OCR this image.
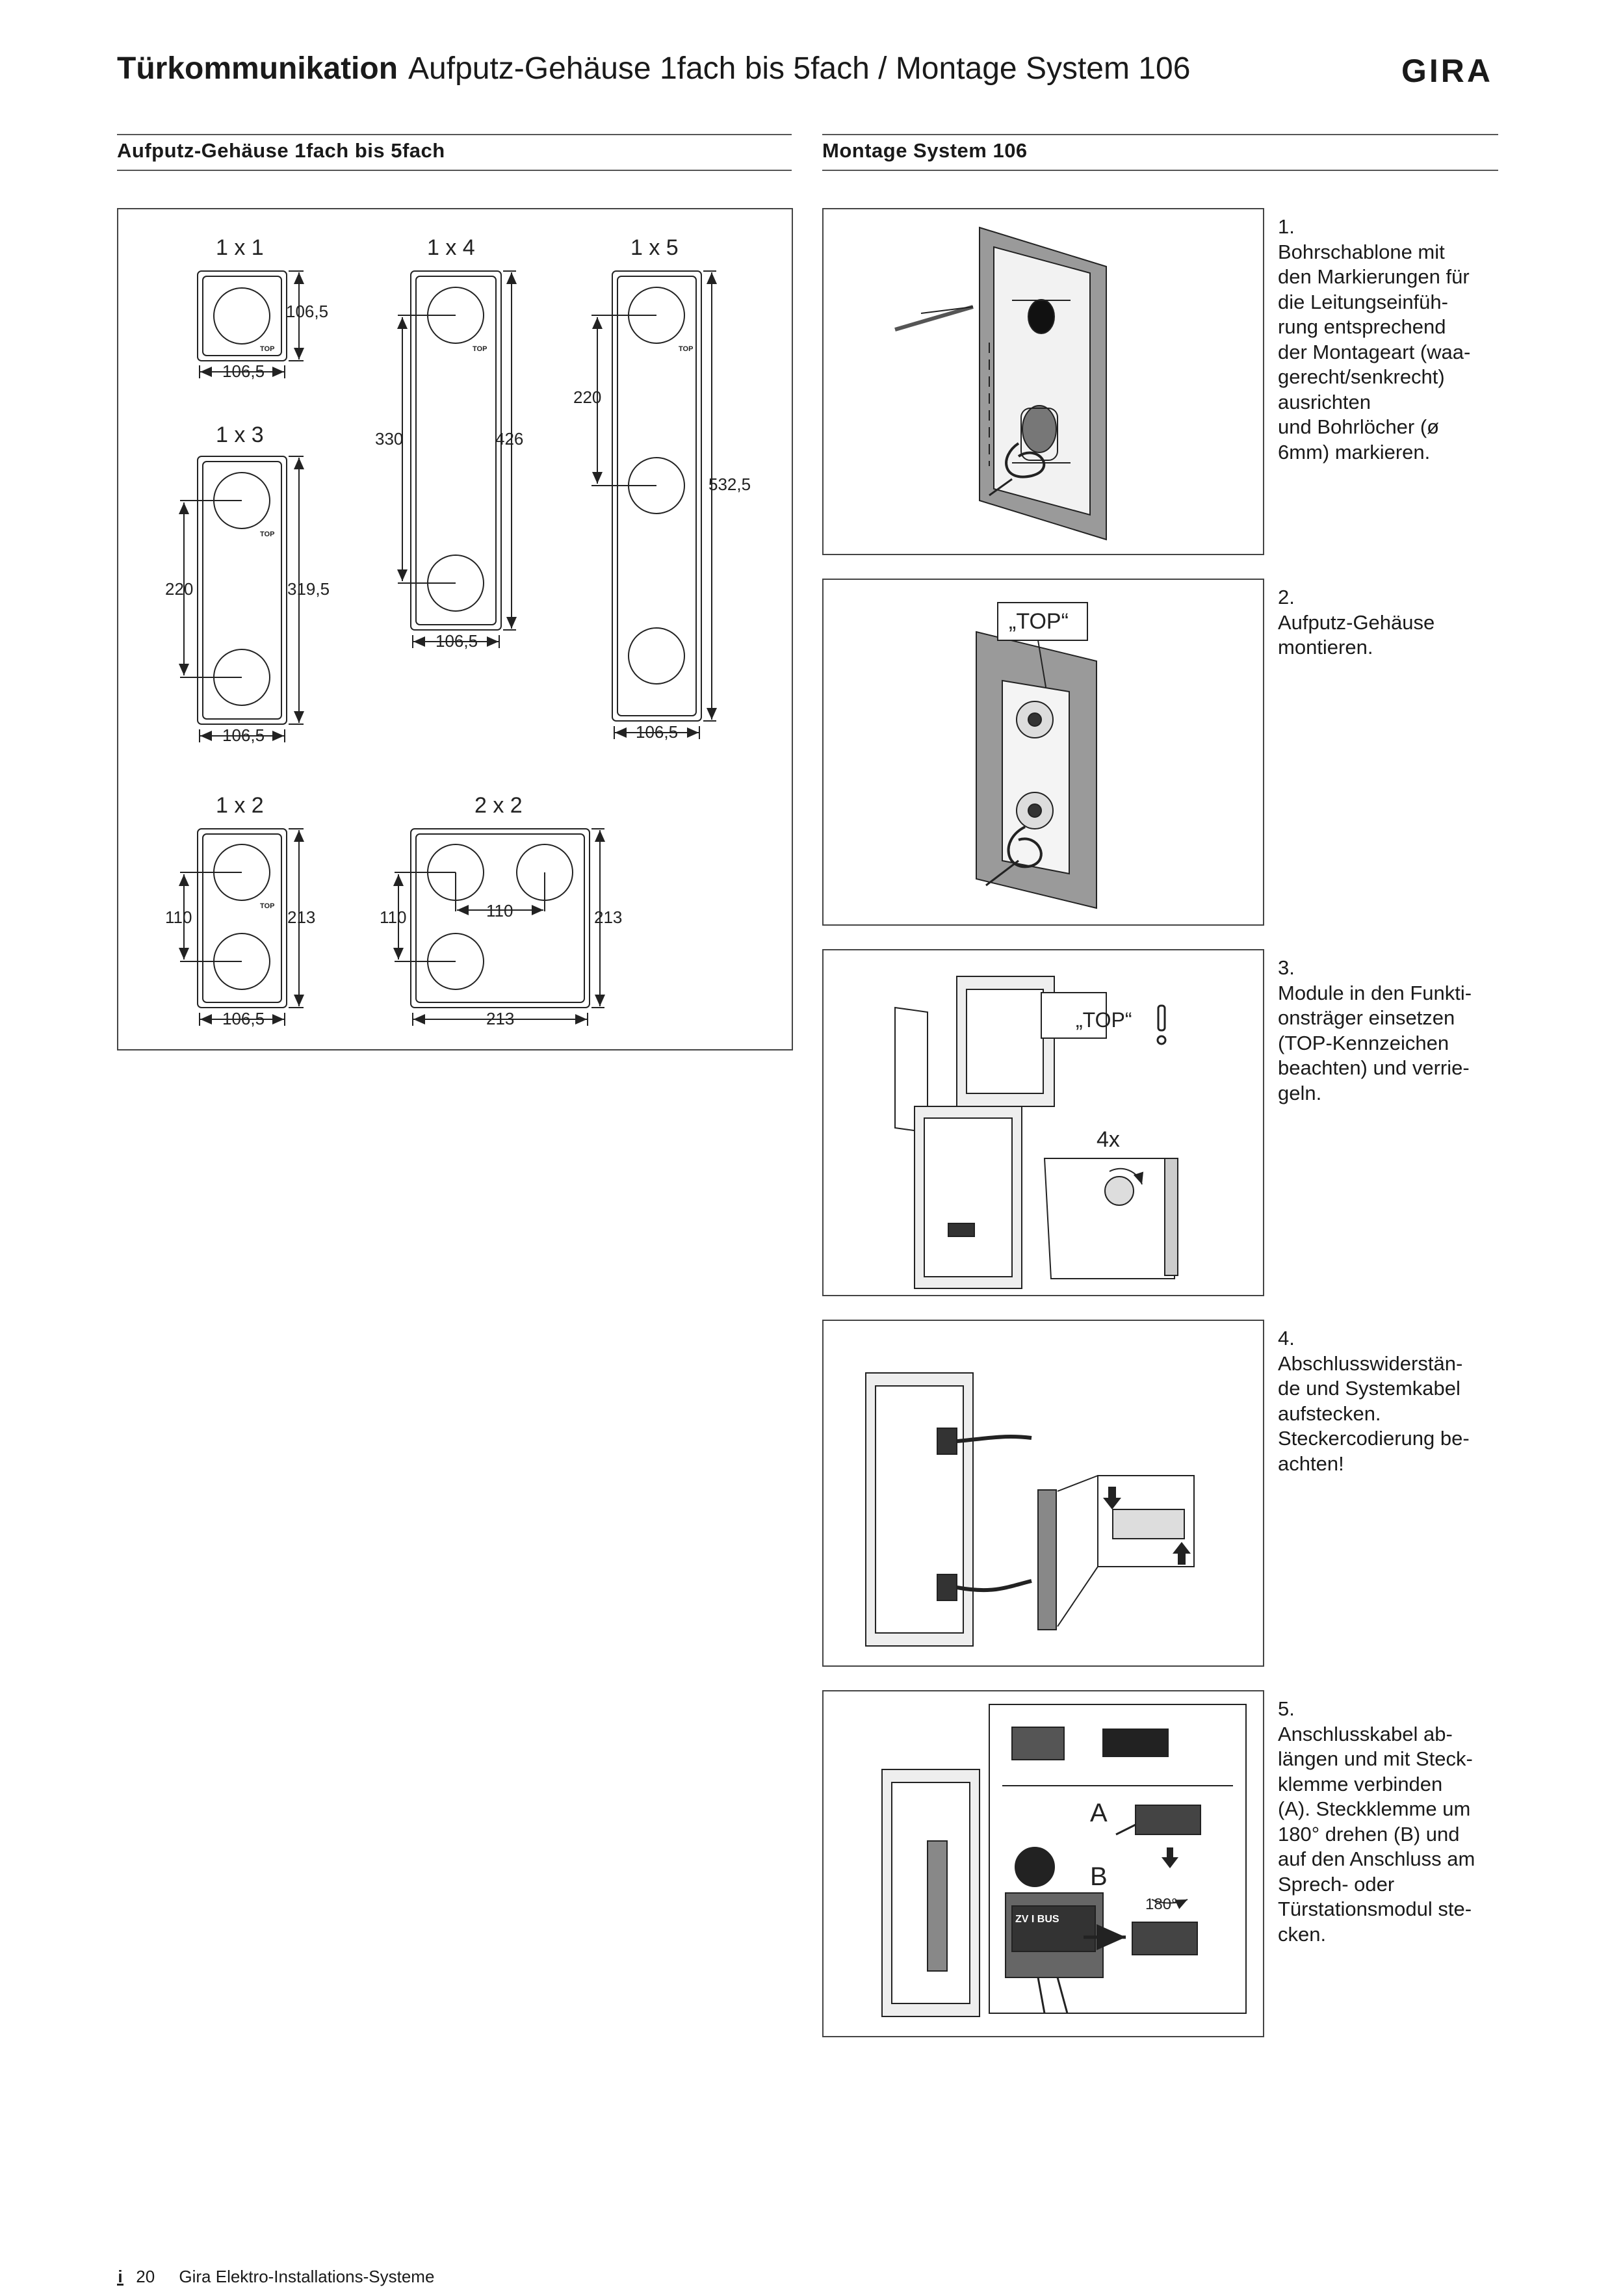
Türkommunikation Aufputz-Gehäuse 1fach bis 5fach / Montage System 106	GIRA
Aufputz-Gehäuse 1fach bis 5fach	Montage System 106
1 x 1
106,5
106,5
TOP
1 x 4
330	426
106,5
TOP
1 x 5
220
532,5
106,5
TOP
1 x 3
220	319,5
106,5
TOP
1 x 2
110	213
106,5
TOP
2 x 2
110	110	213
213
1.
Bohrschablone mit
den Markierungen für
die Leitungseinfüh-
rung entsprechend
der Montageart (waa-
gerecht/senkrecht)
ausrichten
und Bohrlöcher (ø
6mm) markieren.
„TOP“
2.
Aufputz-Gehäuse
montieren.
„TOP“
4x
3.
Module in den Funkti-
onsträger einsetzen
(TOP-Kennzeichen
beachten) und verrie-
geln.
4.
Abschlusswiderstän-
de und Systemkabel
aufstecken.
Steckercodierung be-
achten!
A
B
180°
ZV I BUS
5.
Anschlusskabel ab-
längen und mit Steck-
klemme verbinden
(A). Steckklemme um
180° drehen (B) und
auf den Anschluss am
Sprech- oder
Türstationsmodul ste-
cken.
i 20 Gira Elektro-Installations-Systeme
